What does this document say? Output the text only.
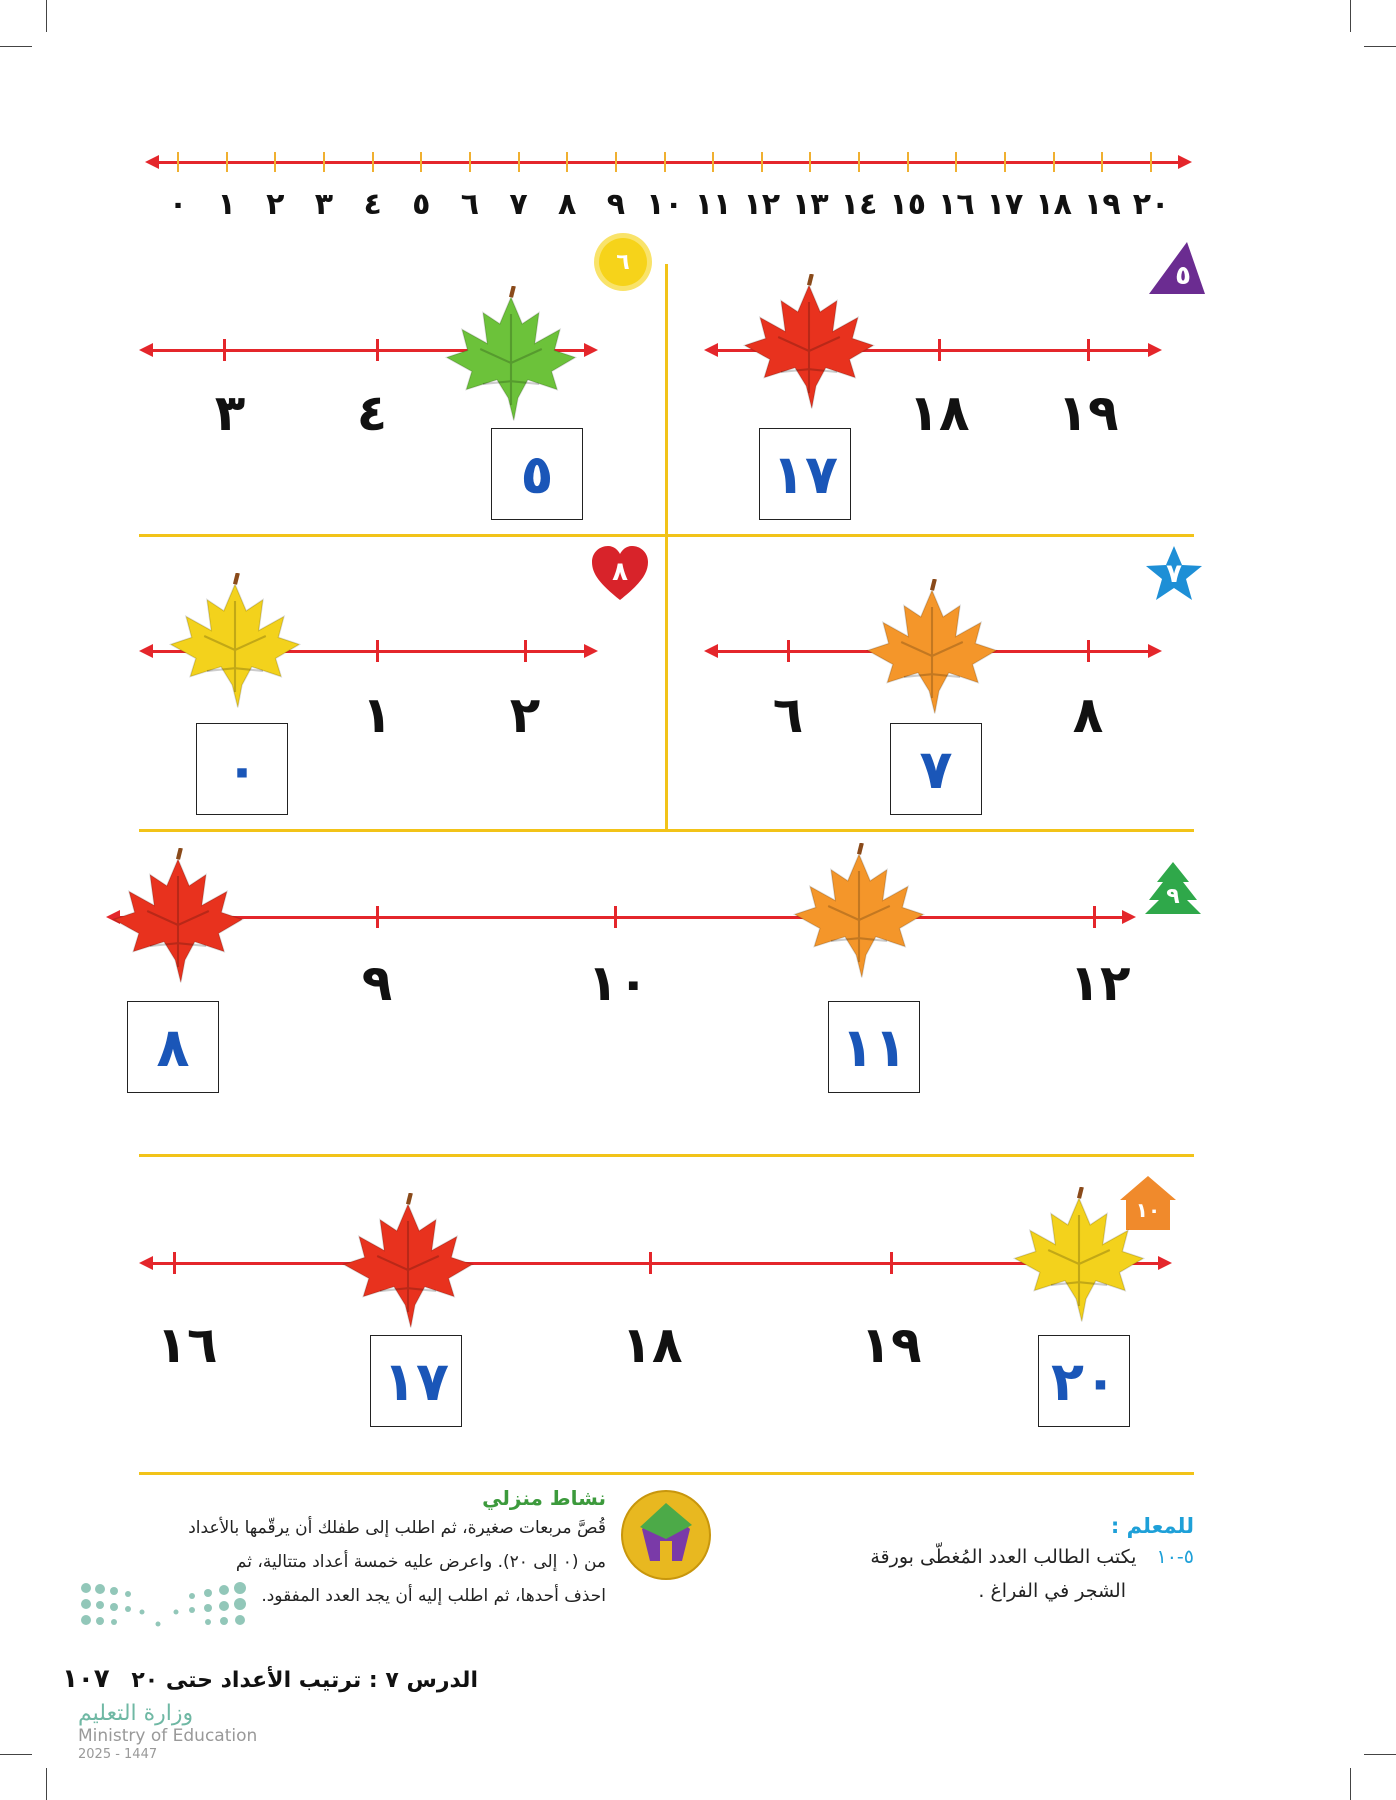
٠ ١ ٢ ٣ ٤ ٥ ٦ ٧ ٨ ٩ ١٠ ١١ ١٢ ١٣ ١٤ ١٥ ١٦ ١٧ ١٨ ١٩ ٢٠
٥
١٨ ١٩
١٧
٦
٣ ٤
٥
٧
٦	٨
٧
٨
١ ٢
٠
٩
٩	١٠	١٢
٨	١١
١٠
١٦	١٨	١٩
١٧	٢٠
للمعلم :
٥-١٠ يكتب الطالب العدد المُغطّى بورقة
الشجر في الفراغ .
نشاط منزلي
قُصَّ مربعات صغيرة، ثم اطلب إلى طفلك أن يرقّمها بالأعداد
من (٠ إلى ٢٠). واعرض عليه خمسة أعداد متتالية، ثم
احذف أحدها، ثم اطلب إليه أن يجد العدد المفقود.
الدرس ٧ : ترتيب الأعداد حتى ٢٠ ١٠٧
وزارة التعليم
Ministry of Education
2025 - 1447
